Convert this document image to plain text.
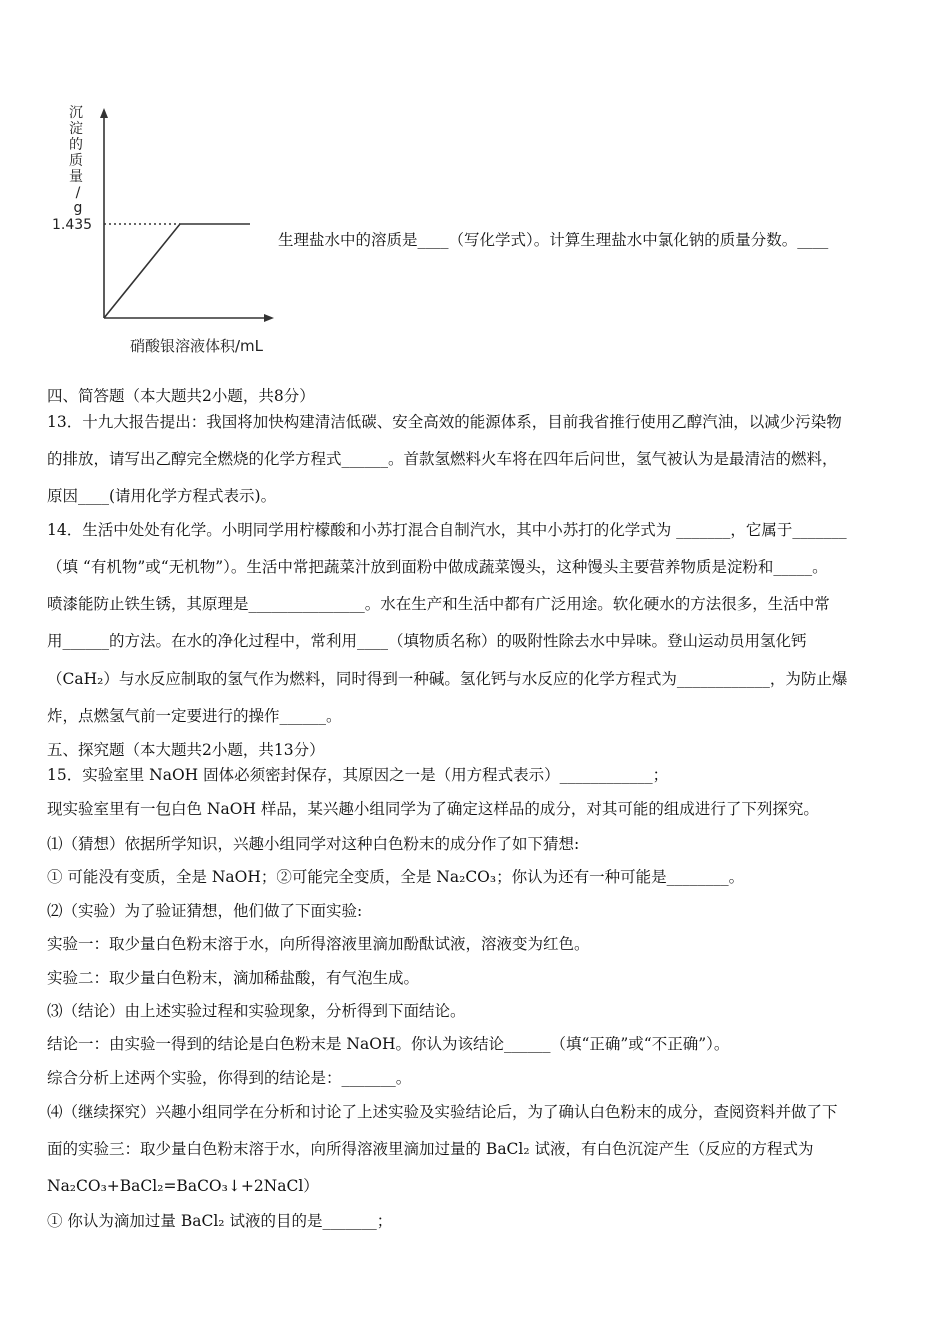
沉
淀
的
质
量
/
g
1.435
硝酸银溶液体积/mL
生理盐水中的溶质是____（写化学式）。计算生理盐水中氯化钠的质量分数。____
四、简答题（本大题共2小题，共8分）
13．十九大报告提出：我国将加快构建清洁低碳、安全高效的能源体系，目前我省推行使用乙醇汽油，以减少污染物
的排放，请写出乙醇完全燃烧的化学方程式______。首款氢燃料火车将在四年后问世，氢气被认为是最清洁的燃料，
原因____(请用化学方程式表示)。
14．生活中处处有化学。小明同学用柠檬酸和小苏打混合自制汽水，其中小苏打的化学式为 _______，它属于_______
（填 “有机物”或“无机物”）。生活中常把蔬菜汁放到面粉中做成蔬菜馒头，这种馒头主要营养物质是淀粉和_____。
喷漆能防止铁生锈，其原理是_______________。水在生产和生活中都有广泛用途。软化硬水的方法很多，生活中常
用______的方法。在水的净化过程中，常利用____（填物质名称）的吸附性除去水中异味。登山运动员用氢化钙
（CaH₂）与水反应制取的氢气作为燃料，同时得到一种碱。氢化钙与水反应的化学方程式为____________，为防止爆
炸，点燃氢气前一定要进行的操作______。
五、探究题（本大题共2小题，共13分）
15．实验室里 NaOH 固体必须密封保存，其原因之一是（用方程式表示）____________；
现实验室里有一包白色 NaOH 样品，某兴趣小组同学为了确定这样品的成分，对其可能的组成进行了下列探究。
⑴（猜想）依据所学知识，兴趣小组同学对这种白色粉末的成分作了如下猜想:
① 可能没有变质，全是 NaOH；②可能完全变质，全是 Na₂CO₃；你认为还有一种可能是________。
⑵（实验）为了验证猜想，他们做了下面实验:
实验一：取少量白色粉末溶于水，向所得溶液里滴加酚酞试液，溶液变为红色。
实验二：取少量白色粉末，滴加稀盐酸，有气泡生成。
⑶（结论）由上述实验过程和实验现象，分析得到下面结论。
结论一：由实验一得到的结论是白色粉末是 NaOH。你认为该结论______（填“正确”或“不正确”）。
综合分析上述两个实验，你得到的结论是：_______。
⑷（继续探究）兴趣小组同学在分析和讨论了上述实验及实验结论后，为了确认白色粉末的成分，查阅资料并做了下
面的实验三：取少量白色粉末溶于水，向所得溶液里滴加过量的 BaCl₂ 试液，有白色沉淀产生（反应的方程式为
Na₂CO₃+BaCl₂=BaCO₃↓+2NaCl）
① 你认为滴加过量 BaCl₂ 试液的目的是_______；
